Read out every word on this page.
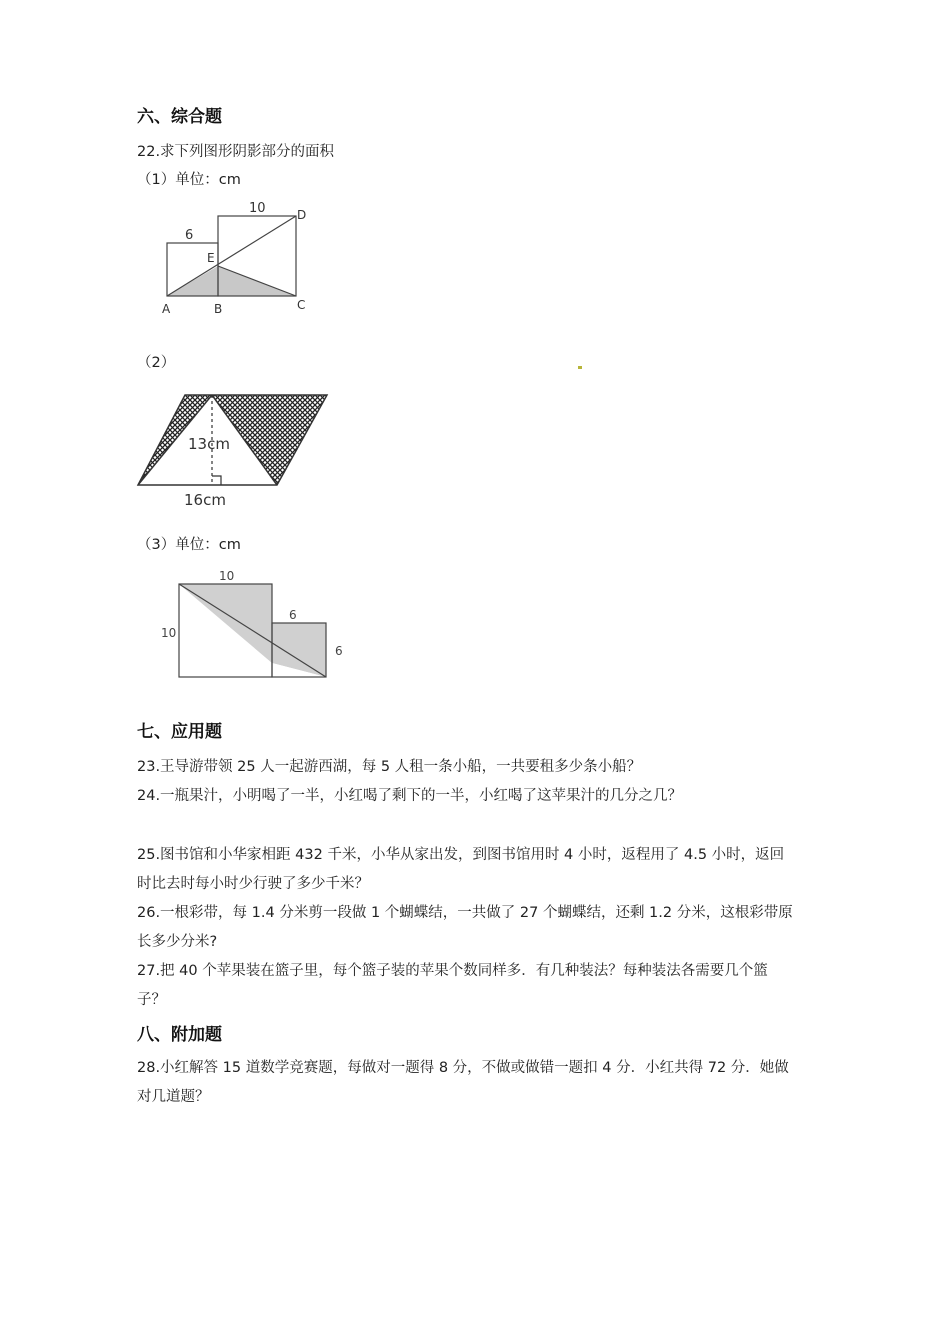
六、综合题
22.求下列图形阴影部分的面积
（1）单位：cm
10
6
E
D
A	B	C
（2）
13cm
16cm
（3）单位：cm
10
10
6
6
七、应用题
23.王导游带领 25 人一起游西湖，每 5 人租一条小船，一共要租多少条小船？
24.一瓶果汁，小明喝了一半，小红喝了剩下的一半，小红喝了这苹果汁的几分之几？
25.图书馆和小华家相距 432 千米，小华从家出发，到图书馆用时 4 小时，返程用了 4.5 小时，返回
时比去时每小时少行驶了多少千米？
26.一根彩带，每 1.4 分米剪一段做 1 个蝴蝶结，一共做了 27 个蝴蝶结，还剩 1.2 分米，这根彩带原
长多少分米?
27.把 40 个苹果装在篮子里，每个篮子装的苹果个数同样多．有几种装法？每种装法各需要几个篮
子？
八、附加题
28.小红解答 15 道数学竞赛题，每做对一题得 8 分，不做或做错一题扣 4 分．小红共得 72 分．她做
对几道题？
